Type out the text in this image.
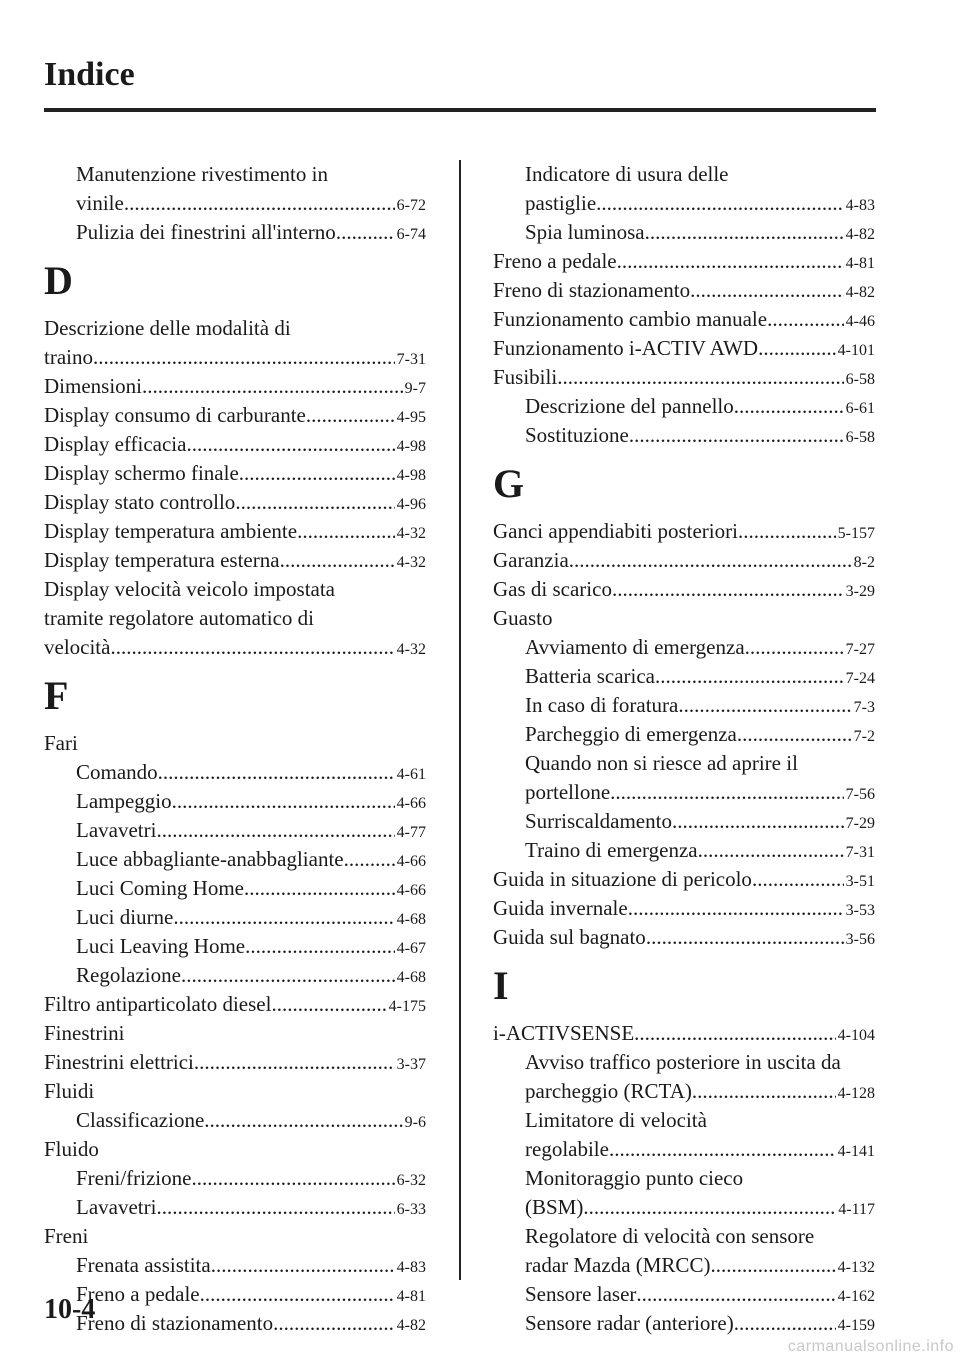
Indice
Manutenzione rivestimento in
vinile .....	6-72
Pulizia dei finestrini all'interno .....	6-74
D
Descrizione delle modalità di
traino .....	7-31
Dimensioni .....	9-7
Display consumo di carburante .....	4-95
Display efficacia .....	4-98
Display schermo finale .....	4-98
Display stato controllo .....	4-96
Display temperatura ambiente .....	4-32
Display temperatura esterna .....	4-32
Display velocità veicolo impostata
tramite regolatore automatico di
velocità .....	4-32
F
Fari
Comando .....	4-61
Lampeggio .....	4-66
Lavavetri .....	4-77
Luce abbagliante-anabbagliante .....	4-66
Luci Coming Home .....	4-66
Luci diurne .....	4-68
Luci Leaving Home .....	4-67
Regolazione .....	4-68
Filtro antiparticolato diesel .....	4-175
Finestrini
Finestrini elettrici .....	3-37
Fluidi
Classificazione .....	9-6
Fluido
Freni/frizione .....	6-32
Lavavetri .....	6-33
Freni
Frenata assistita .....	4-83
Freno a pedale .....	4-81
Freno di stazionamento .....	4-82
Indicatore di usura delle
pastiglie .....	4-83
Spia luminosa .....	4-82
Freno a pedale .....	4-81
Freno di stazionamento .....	4-82
Funzionamento cambio manuale .....	4-46
Funzionamento i-ACTIV AWD .....	4-101
Fusibili .....	6-58
Descrizione del pannello .....	6-61
Sostituzione .....	6-58
G
Ganci appendiabiti posteriori .....	5-157
Garanzia .....	8-2
Gas di scarico .....	3-29
Guasto
Avviamento di emergenza .....	7-27
Batteria scarica .....	7-24
In caso di foratura .....	7-3
Parcheggio di emergenza .....	7-2
Quando non si riesce ad aprire il
portellone .....	7-56
Surriscaldamento .....	7-29
Traino di emergenza .....	7-31
Guida in situazione di pericolo .....	3-51
Guida invernale .....	3-53
Guida sul bagnato .....	3-56
I
i-ACTIVSENSE .....	4-104
Avviso traffico posteriore in uscita da
parcheggio (RCTA) .....	4-128
Limitatore di velocità
regolabile .....	4-141
Monitoraggio punto cieco
(BSM) .....	4-117
Regolatore di velocità con sensore
radar Mazda (MRCC) .....	4-132
Sensore laser .....	4-162
Sensore radar (anteriore) .....	4-159
10-4
carmanualsonline.info
